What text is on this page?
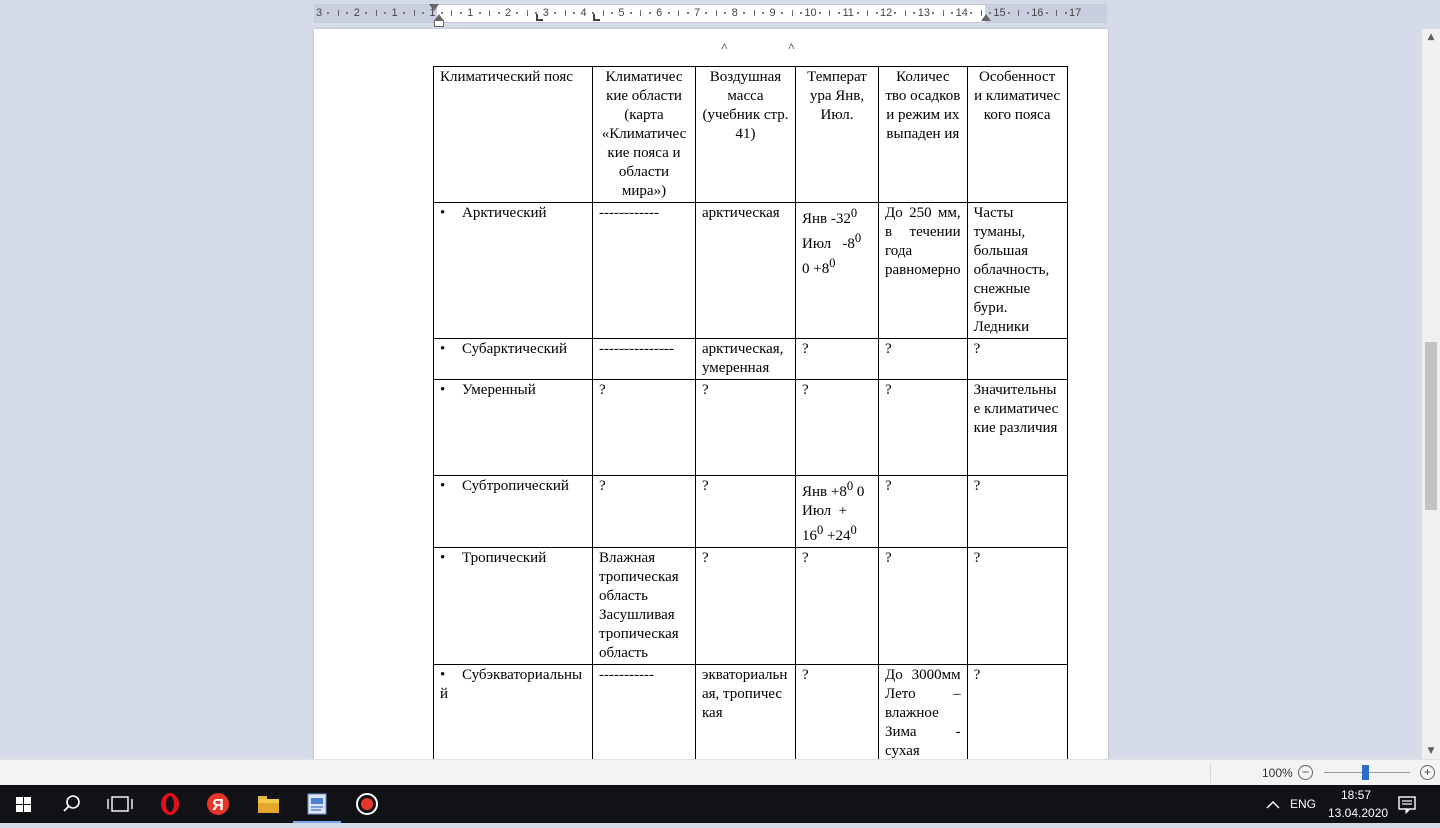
3	2	1	1	1	2	3	4	5	6	7	8	9	10 11 12 13 14 15 16 17
˄	˄
Климатический пояс	Климатичес кие области (карта «Климатичес кие пояса и области мира»)	Воздушная масса (учебник стр. 41)	Температ ура Янв, Июл.	Количес тво осадков и режим их выпаден ия	Особенност и климатичес кого пояса
• Арктический	------------	арктическая	Янв $-32^0$
Июл   $-8^0$
$0 +8^0$	До 250 мм, в течении года равномерно	Часты туманы, большая облачность, снежные бури. Ледники
• Субарктический	---------------	арктическая, умеренная	?	?	?
• Умеренный	?	?	?	?	Значительные климатические различия
• Субтропический	?	?	Янв $+8^0$ 0
Июл  +
$16^0 +24^0$	?	?
• Тропический	Влажная тропическая область Засушливая тропическая область	?	?	?	?
• Субэкваториальный	-----------	экваториальная, тропическая	?	До 3000мм Лето – влажное Зима - сухая	?
▲
▼
100% −	+
Я	ENG
18:57
13.04.2020
